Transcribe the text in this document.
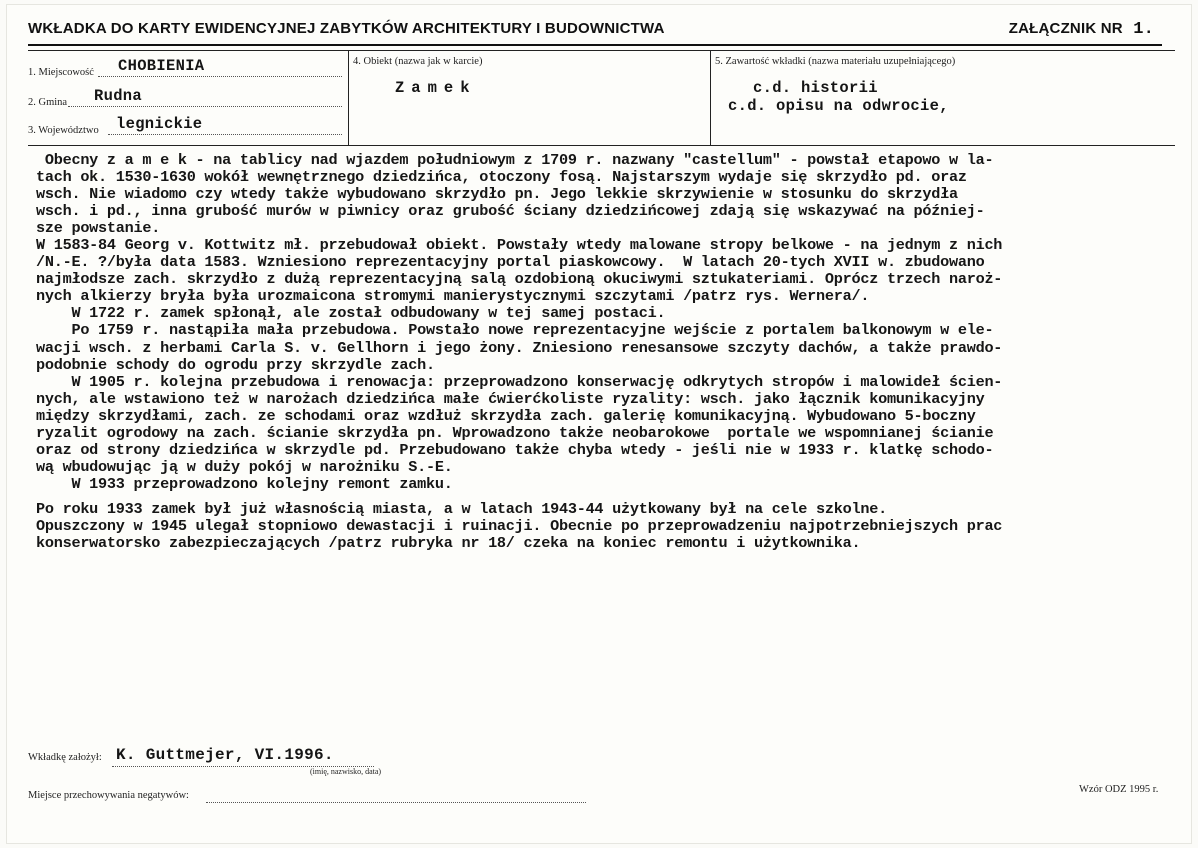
WKŁADKA DO KARTY EWIDENCYJNEJ ZABYTKÓW ARCHITEKTURY I BUDOWNICTWA	ZAŁĄCZNIK NR 1.
1. Miejscowość CHOBIENIA
2. Gmina Rudna
3. Województwo legnickie
4. Obiekt (nazwa jak w karcie)
Zamek
5. Zawartość wkładki (nazwa materiału uzupełniającego)
c.d. historii
c.d. opisu na odwrocie,

Obecny z a m e k - na tablicy nad wjazdem południowym z 1709 r. nazwany "castellum" - powstał etapowo w la-

tach ok. 1530-1630 wokół wewnętrznego dziedzińca, otoczony fosą. Najstarszym wydaje się skrzydło pd. oraz

wsch. Nie wiadomo czy wtedy także wybudowano skrzydło pn. Jego lekkie skrzywienie w stosunku do skrzydła

wsch. i pd., inna grubość murów w piwnicy oraz grubość ściany dziedzińcowej zdają się wskazywać na później-

sze powstanie.

W 1583-84 Georg v. Kottwitz mł. przebudował obiekt. Powstały wtedy malowane stropy belkowe - na jednym z nich

/N.-E. ?/była data 1583. Wzniesiono reprezentacyjny portal piaskowcowy.  W latach 20-tych XVII w. zbudowano

najmłodsze zach. skrzydło z dużą reprezentacyjną salą ozdobioną okuciwymi sztukateriami. Oprócz trzech naroż-

nych alkierzy bryła była urozmaicona stromymi manierystycznymi szczytami /patrz rys. Wernera/.

W 1722 r. zamek spłonął, ale został odbudowany w tej samej postaci.

Po 1759 r. nastąpiła mała przebudowa. Powstało nowe reprezentacyjne wejście z portalem balkonowym w ele-

wacji wsch. z herbami Carla S. v. Gellhorn i jego żony. Zniesiono renesansowe szczyty dachów, a także prawdo-

podobnie schody do ogrodu przy skrzydle zach.

W 1905 r. kolejna przebudowa i renowacja: przeprowadzono konserwację odkrytych stropów i malowideł ścien-

nych, ale wstawiono też w narożach dziedzińca małe ćwierćkoliste ryzality: wsch. jako łącznik komunikacyjny

między skrzydłami, zach. ze schodami oraz wzdłuż skrzydła zach. galerię komunikacyjną. Wybudowano 5-boczny

ryzalit ogrodowy na zach. ścianie skrzydła pn. Wprowadzono także neobarokowe  portale we wspomnianej ścianie

oraz od strony dziedzińca w skrzydle pd. Przebudowano także chyba wtedy - jeśli nie w 1933 r. klatkę schodo-

wą wbudowując ją w duży pokój w narożniku S.-E.

W 1933 przeprowadzono kolejny remont zamku.

Po roku 1933 zamek był już własnością miasta, a w latach 1943-44 użytkowany był na cele szkolne.

Opuszczony w 1945 ulegał stopniowo dewastacji i ruinacji. Obecnie po przeprowadzeniu najpotrzebniejszych prac

konserwatorsko zabezpieczających /patrz rubryka nr 18/ czeka na koniec remontu i użytkownika.

Wkładkę założył: K. Guttmejer, VI.1996.
(imię, nazwisko, data)
Miejsce przechowywania negatywów:
Wzór ODZ 1995 r.
